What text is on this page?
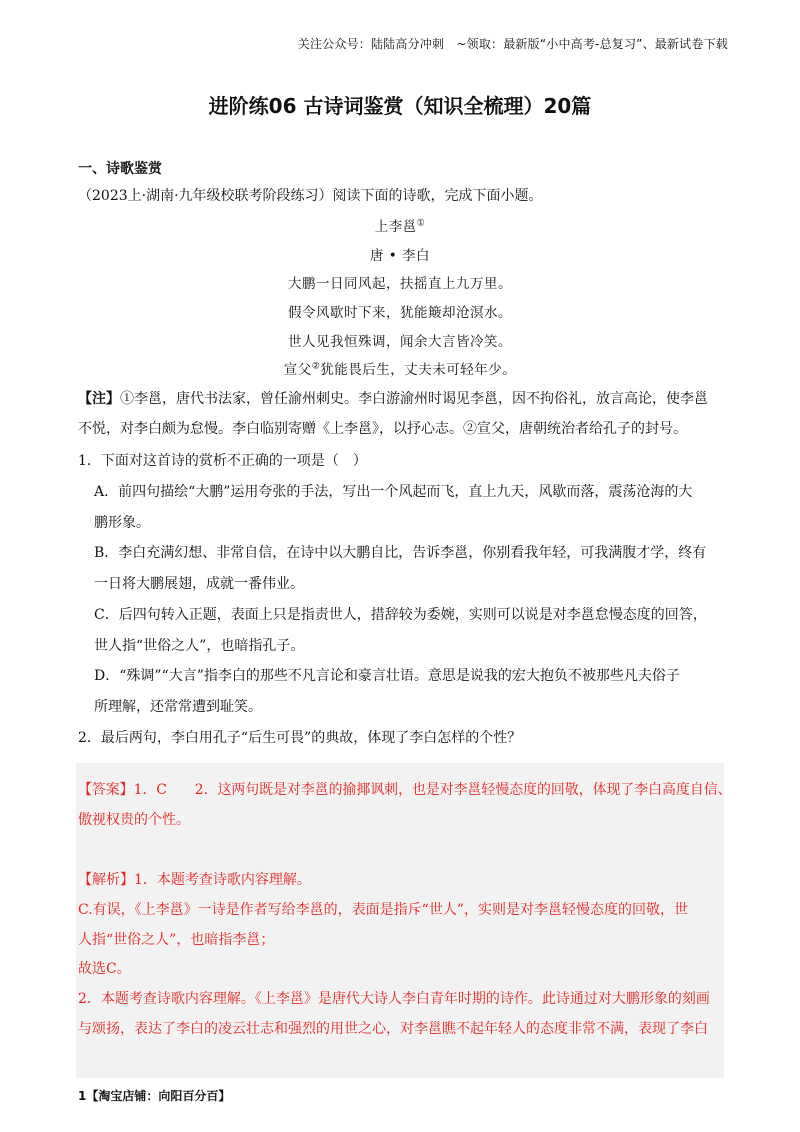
关注公众号：陆陆高分冲刺　~领取：最新版“小中高考-总复习”、最新试卷下载
进阶练06 古诗词鉴赏（知识全梳理）20篇
一、诗歌鉴赏
（2023上·湖南·九年级校联考阶段练习）阅读下面的诗歌，完成下面小题。
上李邕①
唐 • 李白
大鹏一日同风起，扶摇直上九万里。
假令风歇时下来，犹能簸却沧溟水。
世人见我恒殊调，闻余大言皆冷笑。
宣父②犹能畏后生，丈夫未可轻年少。
【注】①李邕，唐代书法家，曾任渝州刺史。李白游渝州时谒见李邕，因不拘俗礼，放言高论，使李邕
不悦，对李白颇为怠慢。李白临别寄赠《上李邕》，以抒心志。②宣父，唐朝统治者给孔子的封号。
1．下面对这首诗的赏析不正确的一项是（　）
A．前四句描绘“大鹏”运用夸张的手法，写出一个风起而飞，直上九天，风歇而落，震荡沧海的大
鹏形象。
B．李白充满幻想、非常自信，在诗中以大鹏自比，告诉李邕，你别看我年轻，可我满腹才学，终有
一日将大鹏展翅，成就一番伟业。
C．后四句转入正题，表面上只是指责世人，措辞较为委婉，实则可以说是对李邕怠慢态度的回答，
世人指“世俗之人”，也暗指孔子。
D．“殊调”“大言”指李白的那些不凡言论和豪言壮语。意思是说我的宏大抱负不被那些凡夫俗子
所理解，还常常遭到耻笑。
2．最后两句，李白用孔子“后生可畏”的典故，体现了李白怎样的个性？
【答案】1．C　　2．这两句既是对李邕的揄揶讽刺，也是对李邕轻慢态度的回敬，体现了李白高度自信、
傲视权贵的个性。
【解析】1．本题考查诗歌内容理解。
C.有误，《上李邕》一诗是作者写给李邕的，表面是指斥“世人”，实则是对李邕轻慢态度的回敬，世
人指“世俗之人”，也暗指李邕；
故选C。
2．本题考查诗歌内容理解。《上李邕》是唐代大诗人李白青年时期的诗作。此诗通过对大鹏形象的刻画
与颂扬，表达了李白的凌云壮志和强烈的用世之心，对李邕瞧不起年轻人的态度非常不满，表现了李白
1【淘宝店铺：向阳百分百】
